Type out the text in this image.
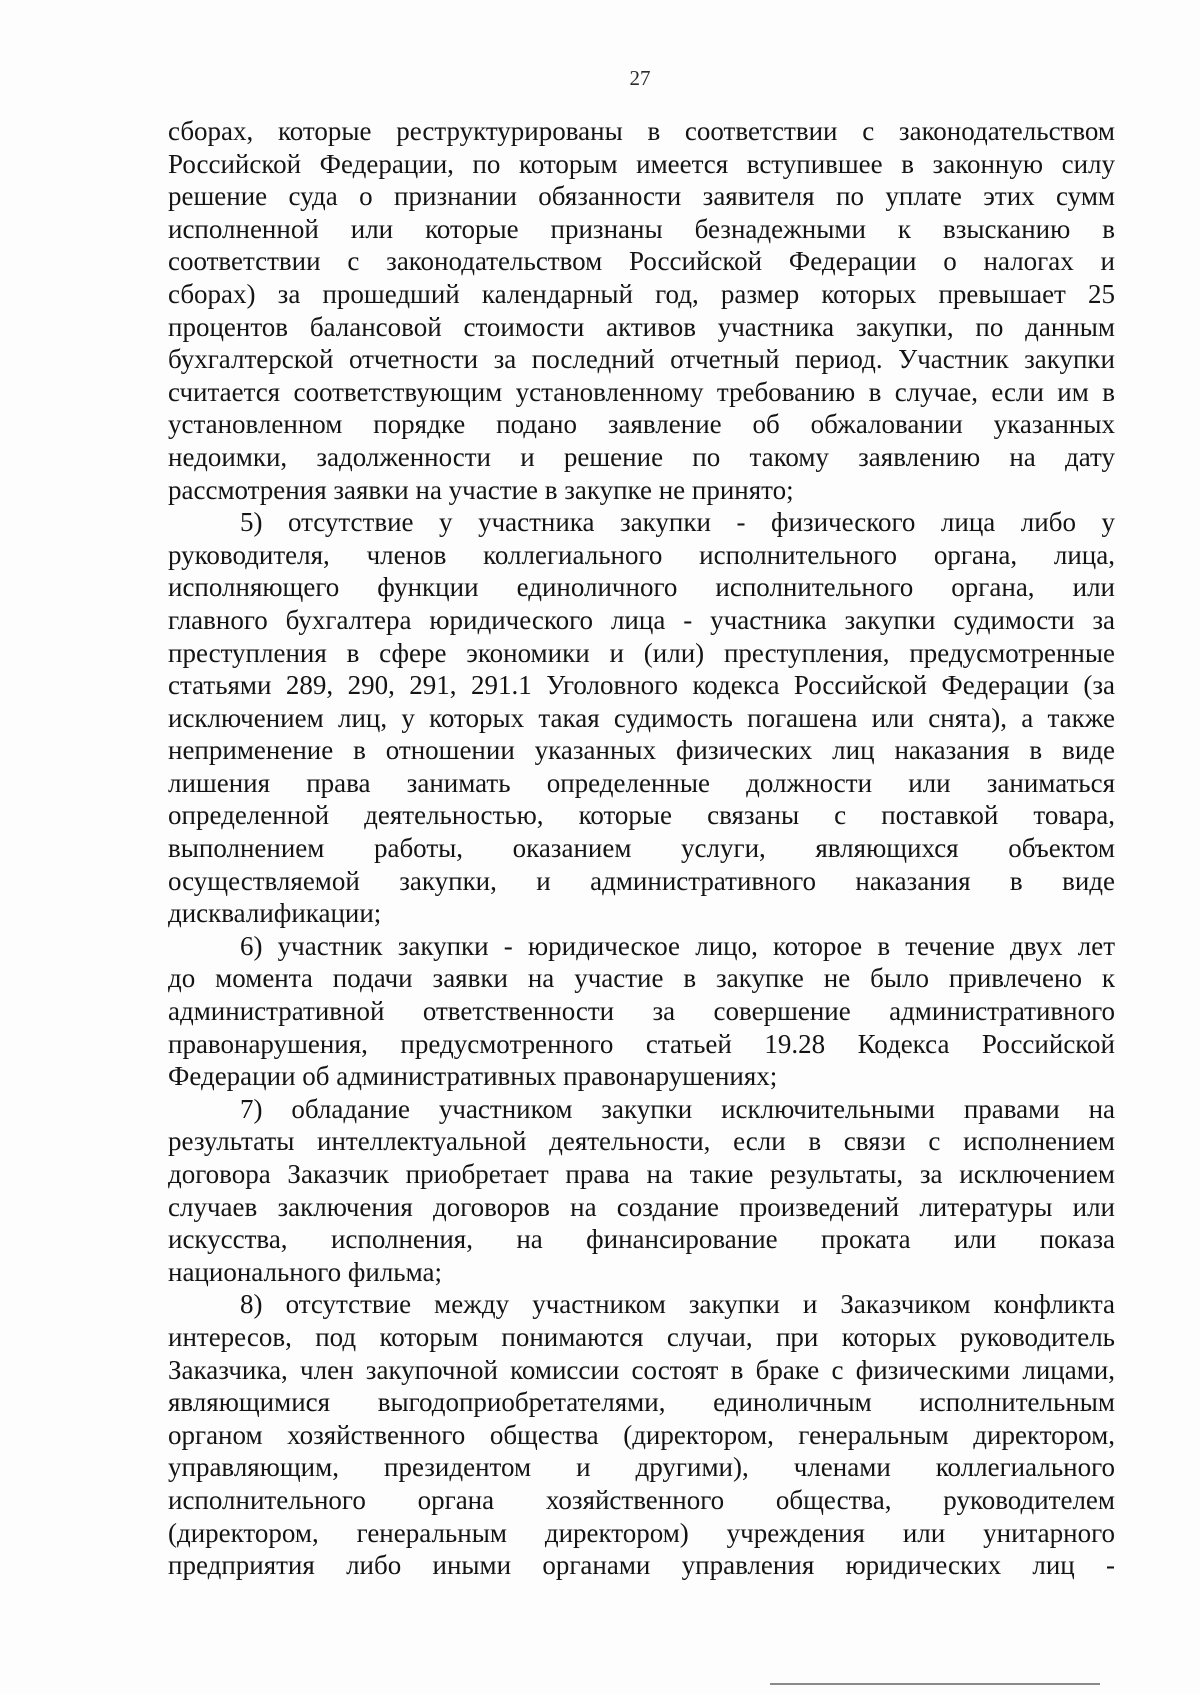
27
сборах, которые реструктурированы в соответствии с законодательством
Российской Федерации, по которым имеется вступившее в законную силу
решение суда о признании обязанности заявителя по уплате этих сумм
исполненной или которые признаны безнадежными к взысканию в
соответствии с законодательством Российской Федерации о налогах и
сборах) за прошедший календарный год, размер которых превышает 25
процентов балансовой стоимости активов участника закупки, по данным
бухгалтерской отчетности за последний отчетный период. Участник закупки
считается соответствующим установленному требованию в случае, если им в
установленном порядке подано заявление об обжаловании указанных
недоимки, задолженности и решение по такому заявлению на дату
рассмотрения заявки на участие в закупке не принято;
5) отсутствие у участника закупки - физического лица либо у
руководителя, членов коллегиального исполнительного органа, лица,
исполняющего функции единоличного исполнительного органа, или
главного бухгалтера юридического лица - участника закупки судимости за
преступления в сфере экономики и (или) преступления, предусмотренные
статьями 289, 290, 291, 291.1 Уголовного кодекса Российской Федерации (за
исключением лиц, у которых такая судимость погашена или снята), а также
неприменение в отношении указанных физических лиц наказания в виде
лишения права занимать определенные должности или заниматься
определенной деятельностью, которые связаны с поставкой товара,
выполнением работы, оказанием услуги, являющихся объектом
осуществляемой закупки, и административного наказания в виде
дисквалификации;
6) участник закупки - юридическое лицо, которое в течение двух лет
до момента подачи заявки на участие в закупке не было привлечено к
административной ответственности за совершение административного
правонарушения, предусмотренного статьей 19.28 Кодекса Российской
Федерации об административных правонарушениях;
7) обладание участником закупки исключительными правами на
результаты интеллектуальной деятельности, если в связи с исполнением
договора Заказчик приобретает права на такие результаты, за исключением
случаев заключения договоров на создание произведений литературы или
искусства, исполнения, на финансирование проката или показа
национального фильма;
8) отсутствие между участником закупки и Заказчиком конфликта
интересов, под которым понимаются случаи, при которых руководитель
Заказчика, член закупочной комиссии состоят в браке с физическими лицами,
являющимися выгодоприобретателями, единоличным исполнительным
органом хозяйственного общества (директором, генеральным директором,
управляющим, президентом и другими), членами коллегиального
исполнительного органа хозяйственного общества, руководителем
(директором, генеральным директором) учреждения или унитарного
предприятия либо иными органами управления юридических лиц -
